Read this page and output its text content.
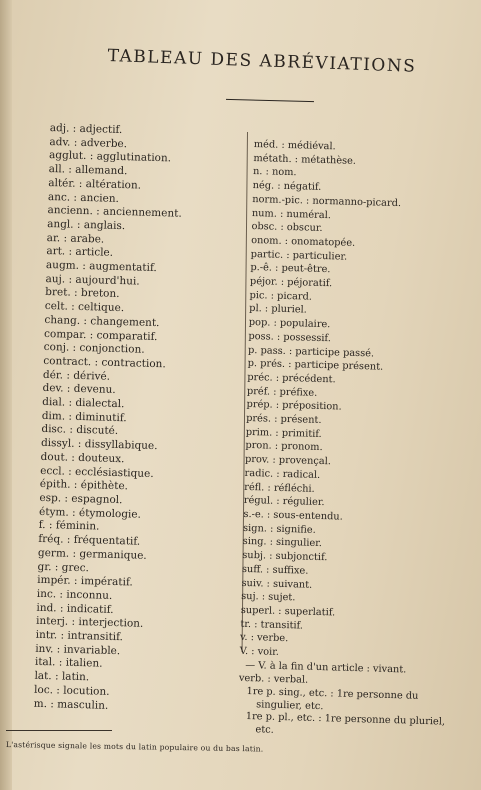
TABLEAU DES ABRÉVIATIONS
adj. : adjectif.
adv. : adverbe.
agglut. : agglutination.
all. : allemand.
altér. : altération.
anc. : ancien.
ancienn. : anciennement.
angl. : anglais.
ar. : arabe.
art. : article.
augm. : augmentatif.
auj. : aujourd'hui.
bret. : breton.
celt. : celtique.
chang. : changement.
compar. : comparatif.
conj. : conjonction.
contract. : contraction.
dér. : dérivé.
dev. : devenu.
dial. : dialectal.
dim. : diminutif.
disc. : discuté.
dissyl. : dissyllabique.
dout. : douteux.
eccl. : ecclésiastique.
épith. : épithète.
esp. : espagnol.
étym. : étymologie.
f. : féminin.
fréq. : fréquentatif.
germ. : germanique.
gr. : grec.
impér. : impératif.
inc. : inconnu.
ind. : indicatif.
interj. : interjection.
intr. : intransitif.
inv. : invariable.
ital. : italien.
lat. : latin.
loc. : locution.
m. : masculin.
méd. : médiéval.
métath. : métathèse.
n. : nom.
nég. : négatif.
norm.-pic. : normanno-picard.
num. : numéral.
obsc. : obscur.
onom. : onomatopée.
partic. : particulier.
p.-ê. : peut-être.
péjor. : péjoratif.
pic. : picard.
pl. : pluriel.
pop. : populaire.
poss. : possessif.
p. pass. : participe passé.
p. prés. : participe présent.
préc. : précédent.
préf. : préfixe.
prép. : préposition.
prés. : présent.
prim. : primitif.
pron. : pronom.
prov. : provençal.
radic. : radical.
réfl. : réfléchi.
régul. : régulier.
s.-e. : sous-entendu.
sign. : signifie.
sing. : singulier.
subj. : subjonctif.
suff. : suffixe.
suiv. : suivant.
suj. : sujet.
superl. : superlatif.
tr. : transitif.
v. : verbe.
V. : voir.
— V. à la fin d'un article : vivant.
verb. : verbal.
1re p. sing., etc. : 1re personne du singulier, etc.
1re p. pl., etc. : 1re personne du pluriel, etc.
L'astérisque signale les mots du latin populaire ou du bas latin.
